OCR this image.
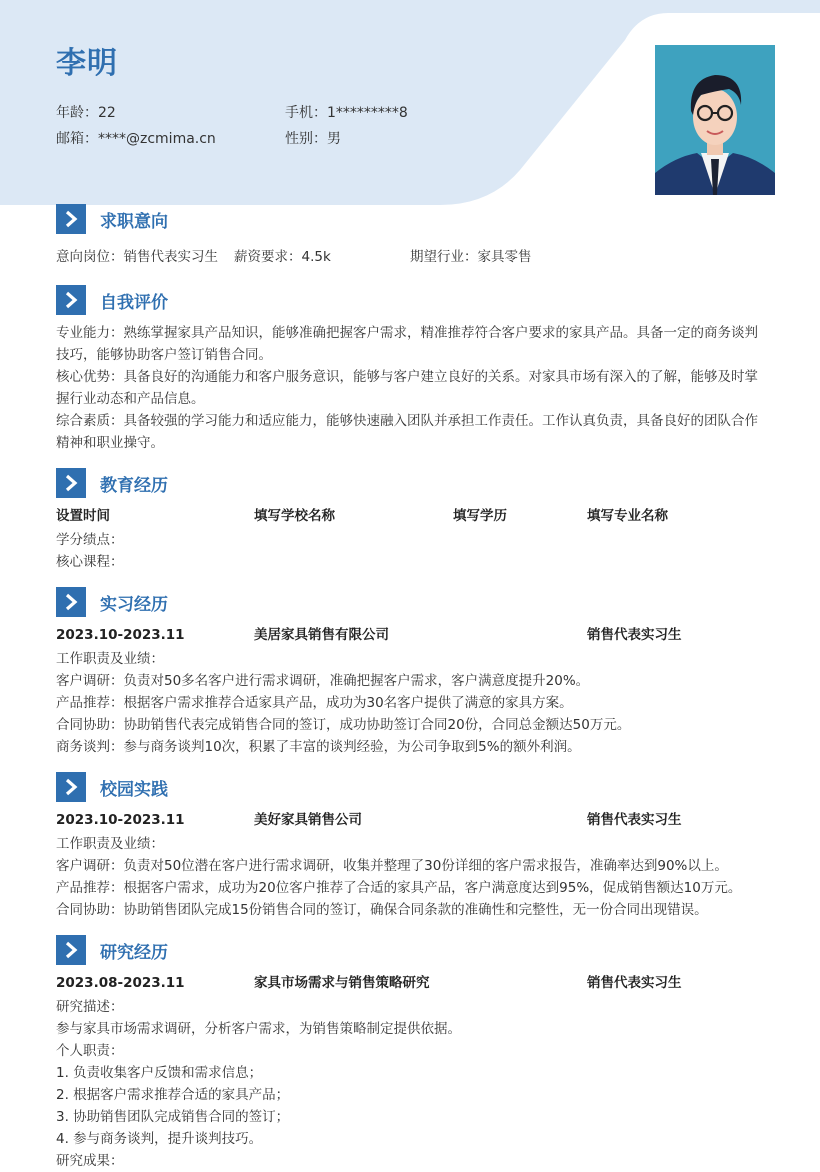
李明
年龄：22	手机：1*********8
邮箱：****@zcmima.cn	性别：男
求职意向
意向岗位：销售代表实习生 薪资要求：4.5k	期望行业：家具零售
自我评价
专业能力：熟练掌握家具产品知识，能够准确把握客户需求，精准推荐符合客户要求的家具产品。具备一定的商务谈判技巧，能够协助客户签订销售合同。
核心优势：具备良好的沟通能力和客户服务意识，能够与客户建立良好的关系。对家具市场有深入的了解，能够及时掌握行业动态和产品信息。
综合素质：具备较强的学习能力和适应能力，能够快速融入团队并承担工作责任。工作认真负责，具备良好的团队合作精神和职业操守。
教育经历
设置时间	填写学校名称	填写学历	填写专业名称
学分绩点：
核心课程：
实习经历
2023.10-2023.11	美居家具销售有限公司	销售代表实习生
工作职责及业绩：
客户调研：负责对50多名客户进行需求调研，准确把握客户需求，客户满意度提升20%。
产品推荐：根据客户需求推荐合适家具产品，成功为30名客户提供了满意的家具方案。
合同协助：协助销售代表完成销售合同的签订，成功协助签订合同20份，合同总金额达50万元。
商务谈判：参与商务谈判10次，积累了丰富的谈判经验，为公司争取到5%的额外利润。
校园实践
2023.10-2023.11	美好家具销售公司	销售代表实习生
工作职责及业绩：
客户调研：负责对50位潜在客户进行需求调研，收集并整理了30份详细的客户需求报告，准确率达到90%以上。
产品推荐：根据客户需求，成功为20位客户推荐了合适的家具产品，客户满意度达到95%，促成销售额达10万元。
合同协助：协助销售团队完成15份销售合同的签订，确保合同条款的准确性和完整性，无一份合同出现错误。
研究经历
2023.08-2023.11	家具市场需求与销售策略研究	销售代表实习生
研究描述：
参与家具市场需求调研，分析客户需求，为销售策略制定提供依据。
个人职责：
1. 负责收集客户反馈和需求信息；
2. 根据客户需求推荐合适的家具产品；
3. 协助销售团队完成销售合同的签订；
4. 参与商务谈判，提升谈判技巧。
研究成果：
